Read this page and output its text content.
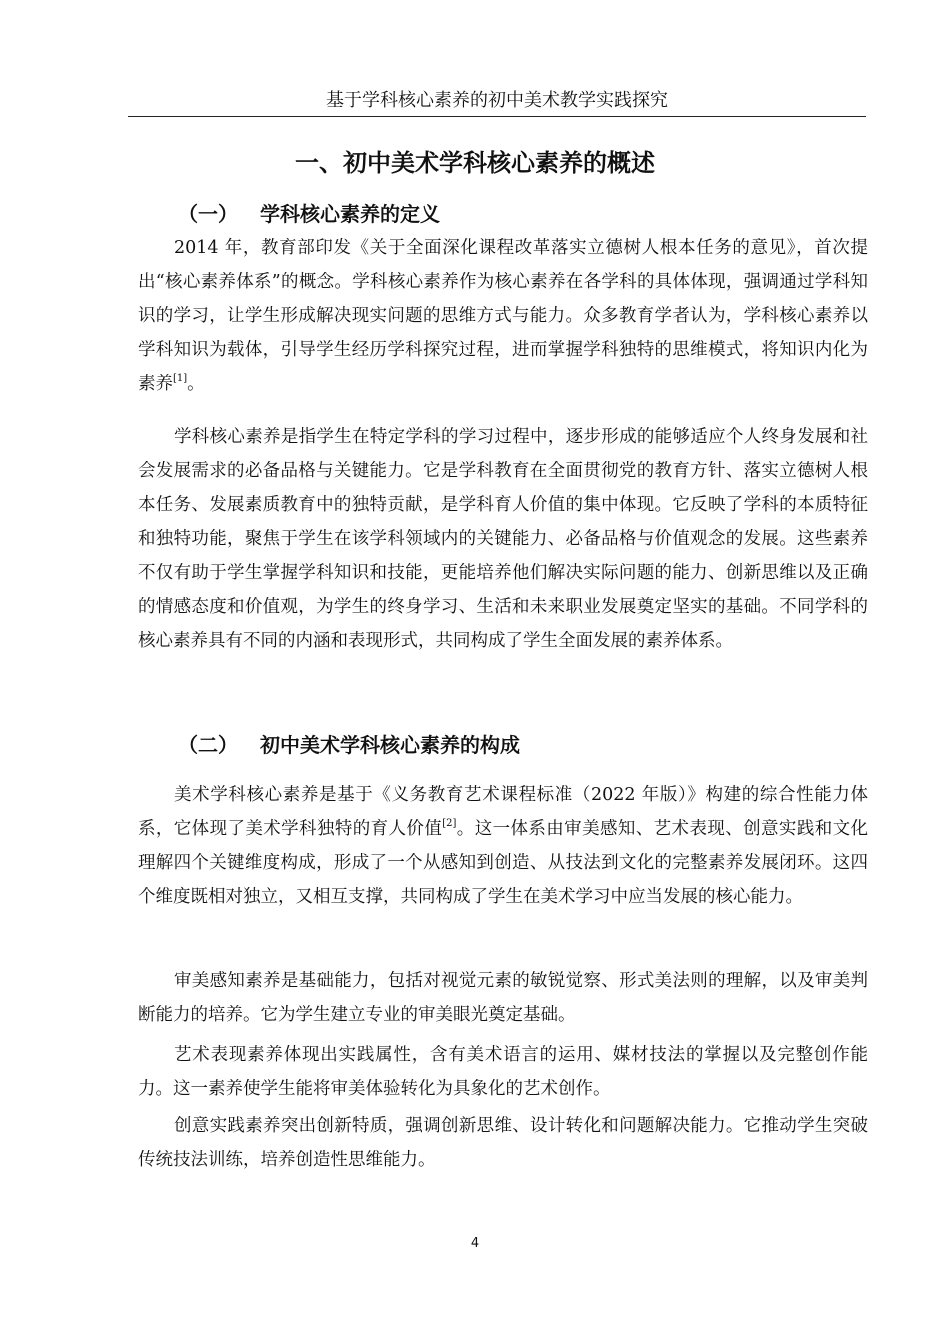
基于学科核心素养的初中美术教学实践探究
一、初中美术学科核心素养的概述
（一） 学科核心素养的定义

2014 年，教育部印发《关于全面深化课程改革落实立德树人根本任务的意见》，首次提出“核心素养体系”的概念。学科核心素养作为核心素养在各学科的具体体现，强调通过学科知识的学习，让学生形成解决现实问题的思维方式与能力。众多教育学者认为，学科核心素养以学科知识为载体，引导学生经历学科探究过程，进而掌握学科独特的思维模式，将知识内化为素养[1]。

学科核心素养是指学生在特定学科的学习过程中，逐步形成的能够适应个人终身发展和社会发展需求的必备品格与关键能力。它是学科教育在全面贯彻党的教育方针、落实立德树人根本任务、发展素质教育中的独特贡献，是学科育人价值的集中体现。它反映了学科的本质特征和独特功能，聚焦于学生在该学科领域内的关键能力、必备品格与价值观念的发展。这些素养不仅有助于学生掌握学科知识和技能，更能培养他们解决实际问题的能力、创新思维以及正确的情感态度和价值观，为学生的终身学习、生活和未来职业发展奠定坚实的基础。不同学科的核心素养具有不同的内涵和表现形式，共同构成了学生全面发展的素养体系。

（二） 初中美术学科核心素养的构成

美术学科核心素养是基于《义务教育艺术课程标准（2022 年版）》构建的综合性能力体系，它体现了美术学科独特的育人价值[2]。这一体系由审美感知、艺术表现、创意实践和文化理解四个关键维度构成，形成了一个从感知到创造、从技法到文化的完整素养发展闭环。这四个维度既相对独立，又相互支撑，共同构成了学生在美术学习中应当发展的核心能力。

审美感知素养是基础能力，包括对视觉元素的敏锐觉察、形式美法则的理解，以及审美判断能力的培养。它为学生建立专业的审美眼光奠定基础。

艺术表现素养体现出实践属性，含有美术语言的运用、媒材技法的掌握以及完整创作能力。这一素养使学生能将审美体验转化为具象化的艺术创作。

创意实践素养突出创新特质，强调创新思维、设计转化和问题解决能力。它推动学生突破传统技法训练，培养创造性思维能力。

4
